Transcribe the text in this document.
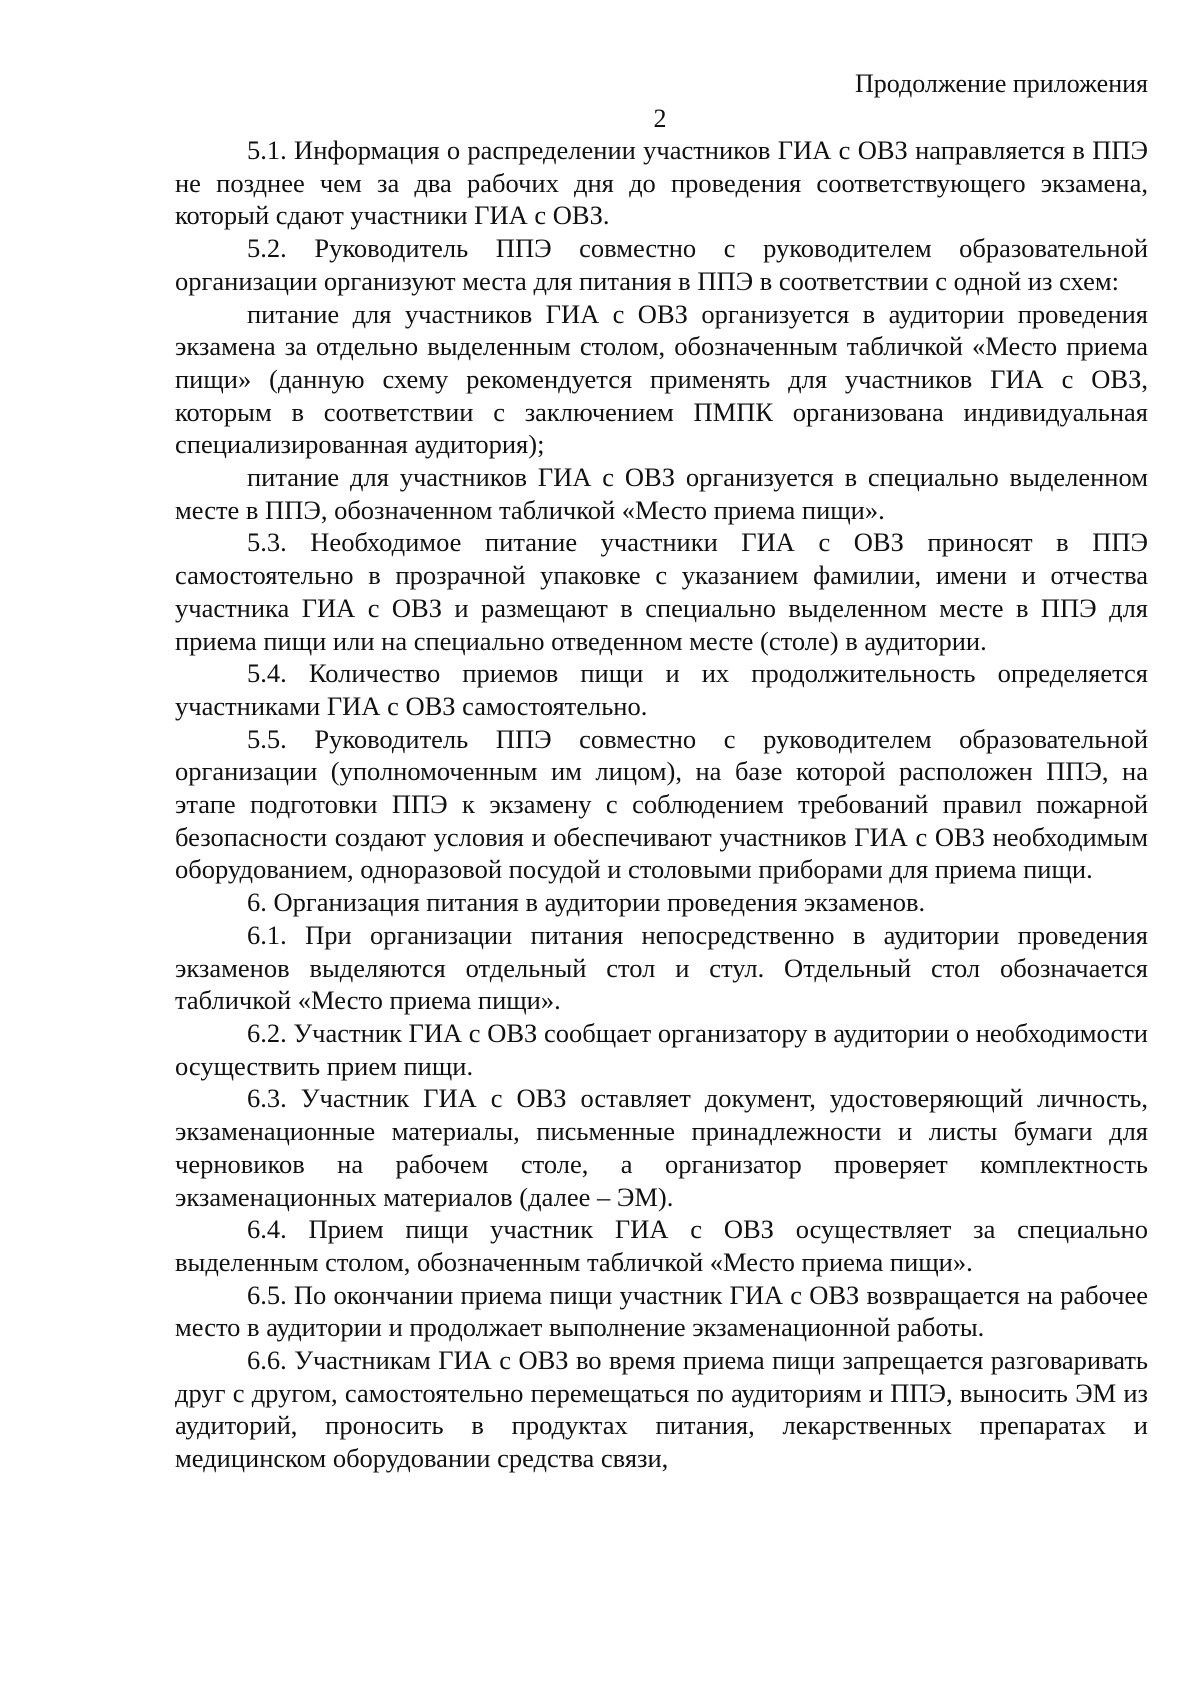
Продолжение приложения
2

5.1. Информация о распределении участников ГИА с ОВЗ направляется в ППЭ не позднее чем за два рабочих дня до проведения соответствующего экзамена, который сдают участники ГИА с ОВЗ.

5.2. Руководитель ППЭ совместно с руководителем образовательной организации организуют места для питания в ППЭ в соответствии с одной из схем:

питание для участников ГИА с ОВЗ организуется в аудитории проведения экзамена за отдельно выделенным столом, обозначенным табличкой «Место приема пищи» (данную схему рекомендуется применять для участников ГИА с ОВЗ, которым в соответствии с заключением ПМПК организована индивидуальная специализированная аудитория);

питание для участников ГИА с ОВЗ организуется в специально выделенном месте в ППЭ, обозначенном табличкой «Место приема пищи».

5.3. Необходимое питание участники ГИА с ОВЗ приносят в ППЭ самостоятельно в прозрачной упаковке с указанием фамилии, имени и отчества участника ГИА с ОВЗ и размещают в специально выделенном месте в ППЭ для приема пищи или на специально отведенном месте (столе) в аудитории.

5.4. Количество приемов пищи и их продолжительность определяется участниками ГИА с ОВЗ самостоятельно.

5.5. Руководитель ППЭ совместно с руководителем образовательной организации (уполномоченным им лицом), на базе которой расположен ППЭ, на этапе подготовки ППЭ к экзамену с соблюдением требований правил пожарной безопасности создают условия и обеспечивают участников ГИА с ОВЗ необходимым оборудованием, одноразовой посудой и столовыми приборами для приема пищи.

6. Организация питания в аудитории проведения экзаменов.

6.1. При организации питания непосредственно в аудитории проведения экзаменов выделяются отдельный стол и стул. Отдельный стол обозначается табличкой «Место приема пищи».

6.2. Участник ГИА с ОВЗ сообщает организатору в аудитории о необходимости осуществить прием пищи.

6.3. Участник ГИА с ОВЗ оставляет документ, удостоверяющий личность, экзаменационные материалы, письменные принадлежности и листы бумаги для черновиков на рабочем столе, а организатор проверяет комплектность экзаменационных материалов (далее – ЭМ).

6.4. Прием пищи участник ГИА с ОВЗ осуществляет за специально выделенным столом, обозначенным табличкой «Место приема пищи».

6.5. По окончании приема пищи участник ГИА с ОВЗ возвращается на рабочее место в аудитории и продолжает выполнение экзаменационной работы.

6.6. Участникам ГИА с ОВЗ во время приема пищи запрещается разговаривать друг с другом, самостоятельно перемещаться по аудиториям и ППЭ, выносить ЭМ из аудиторий, проносить в продуктах питания, лекарственных препаратах и медицинском оборудовании средства связи,
